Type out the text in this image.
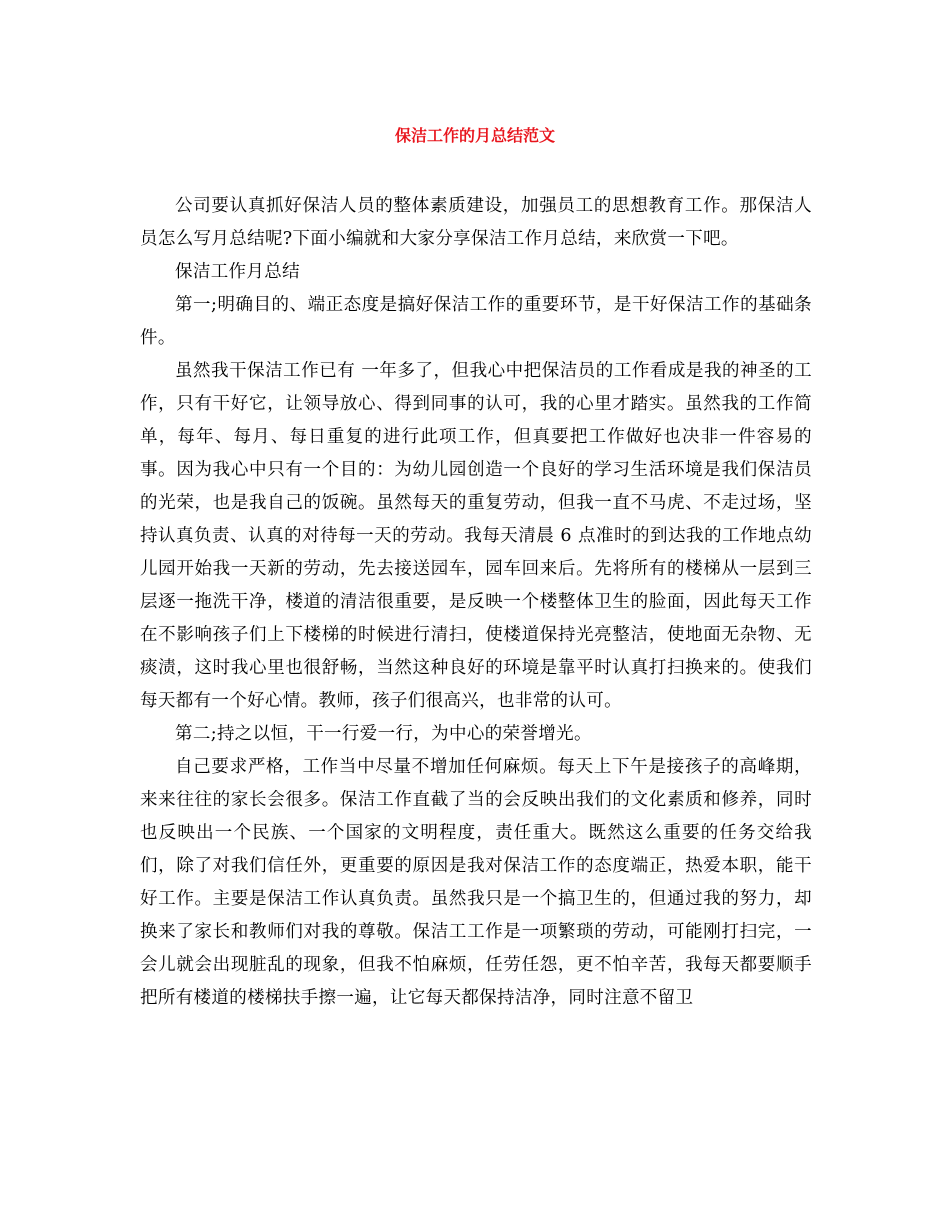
保洁工作的月总结范文

公司要认真抓好保洁人员的整体素质建设，加强员工的思想教育工作。那保洁人员怎么写月总结呢?下面小编就和大家分享保洁工作月总结，来欣赏一下吧。

保洁工作月总结

第一;明确目的、端正态度是搞好保洁工作的重要环节，是干好保洁工作的基础条件。

虽然我干保洁工作已有 一年多了，但我心中把保洁员的工作看成是我的神圣的工作，只有干好它，让领导放心、得到同事的认可，我的心里才踏实。虽然我的工作简单，每年、每月、每日重复的进行此项工作，但真要把工作做好也决非一件容易的事。因为我心中只有一个目的：为幼儿园创造一个良好的学习生活环境是我们保洁员的光荣，也是我自己的饭碗。虽然每天的重复劳动，但我一直不马虎、不走过场，坚持认真负责、认真的对待每一天的劳动。我每天清晨 6 点准时的到达我的工作地点幼儿园开始我一天新的劳动，先去接送园车，园车回来后。先将所有的楼梯从一层到三层逐一拖洗干净，楼道的清洁很重要，是反映一个楼整体卫生的脸面，因此每天工作在不影响孩子们上下楼梯的时候进行清扫，使楼道保持光亮整洁，使地面无杂物、无痰渍，这时我心里也很舒畅，当然这种良好的环境是靠平时认真打扫换来的。使我们每天都有一个好心情。教师，孩子们很高兴，也非常的认可。

第二;持之以恒，干一行爱一行，为中心的荣誉增光。

自己要求严格，工作当中尽量不增加任何麻烦。每天上下午是接孩子的高峰期，来来往往的家长会很多。保洁工作直截了当的会反映出我们的文化素质和修养，同时也反映出一个民族、一个国家的文明程度，责任重大。既然这么重要的任务交给我们，除了对我们信任外，更重要的原因是我对保洁工作的态度端正，热爱本职，能干好工作。主要是保洁工作认真负责。虽然我只是一个搞卫生的，但通过我的努力，却换来了家长和教师们对我的尊敬。保洁工工作是一项繁琐的劳动，可能刚打扫完，一会儿就会出现脏乱的现象，但我不怕麻烦，任劳任怨，更不怕辛苦，我每天都要顺手把所有楼道的楼梯扶手擦一遍，让它每天都保持洁净，同时注意不留卫
